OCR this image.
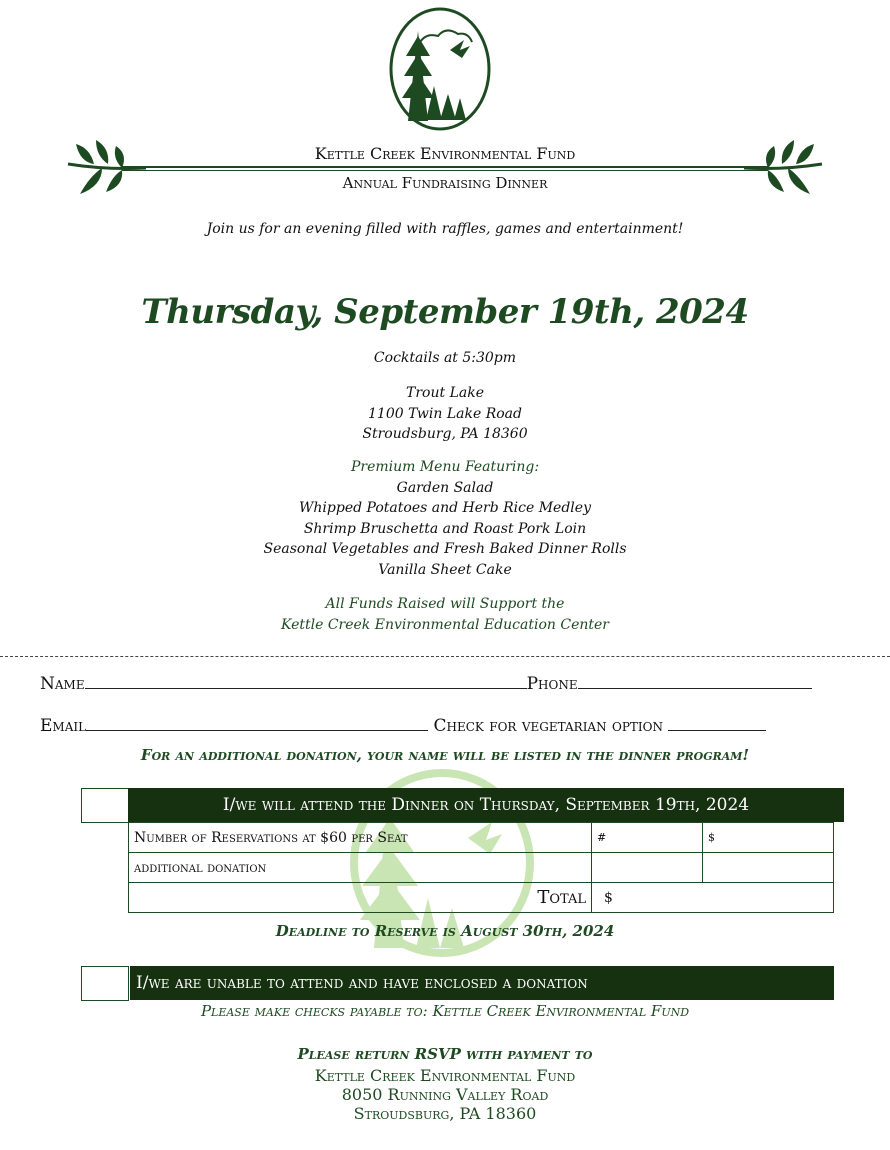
Kettle Creek Environmental Fund
Annual Fundraising Dinner
Join us for an evening filled with raffles, games and entertainment!
Thursday, September 19th, 2024
Cocktails at 5:30pm
Trout Lake
1100 Twin Lake Road
Stroudsburg, PA 18360
Premium Menu Featuring:
Garden Salad
Whipped Potatoes and Herb Rice Medley
Shrimp Bruschetta and Roast Pork Loin
Seasonal Vegetables and Fresh Baked Dinner Rolls
Vanilla Sheet Cake
All Funds Raised will Support the
Kettle Creek Environmental Education Center
Name	Phone
Email	Check for vegetarian option
For an additional donation, your name will be listed in the dinner program!
I/we will attend the Dinner on Thursday, September 19th, 2024
Number of Reservations at $60 per Seat	#	$
additional donation		
Total	$	
Deadline to Reserve is August 30th, 2024
I/we are unable to attend and have enclosed a donation
Please make checks payable to: Kettle Creek Environmental Fund
Please return RSVP with payment to
Kettle Creek Environmental Fund
8050 Running Valley Road
Stroudsburg, PA 18360
